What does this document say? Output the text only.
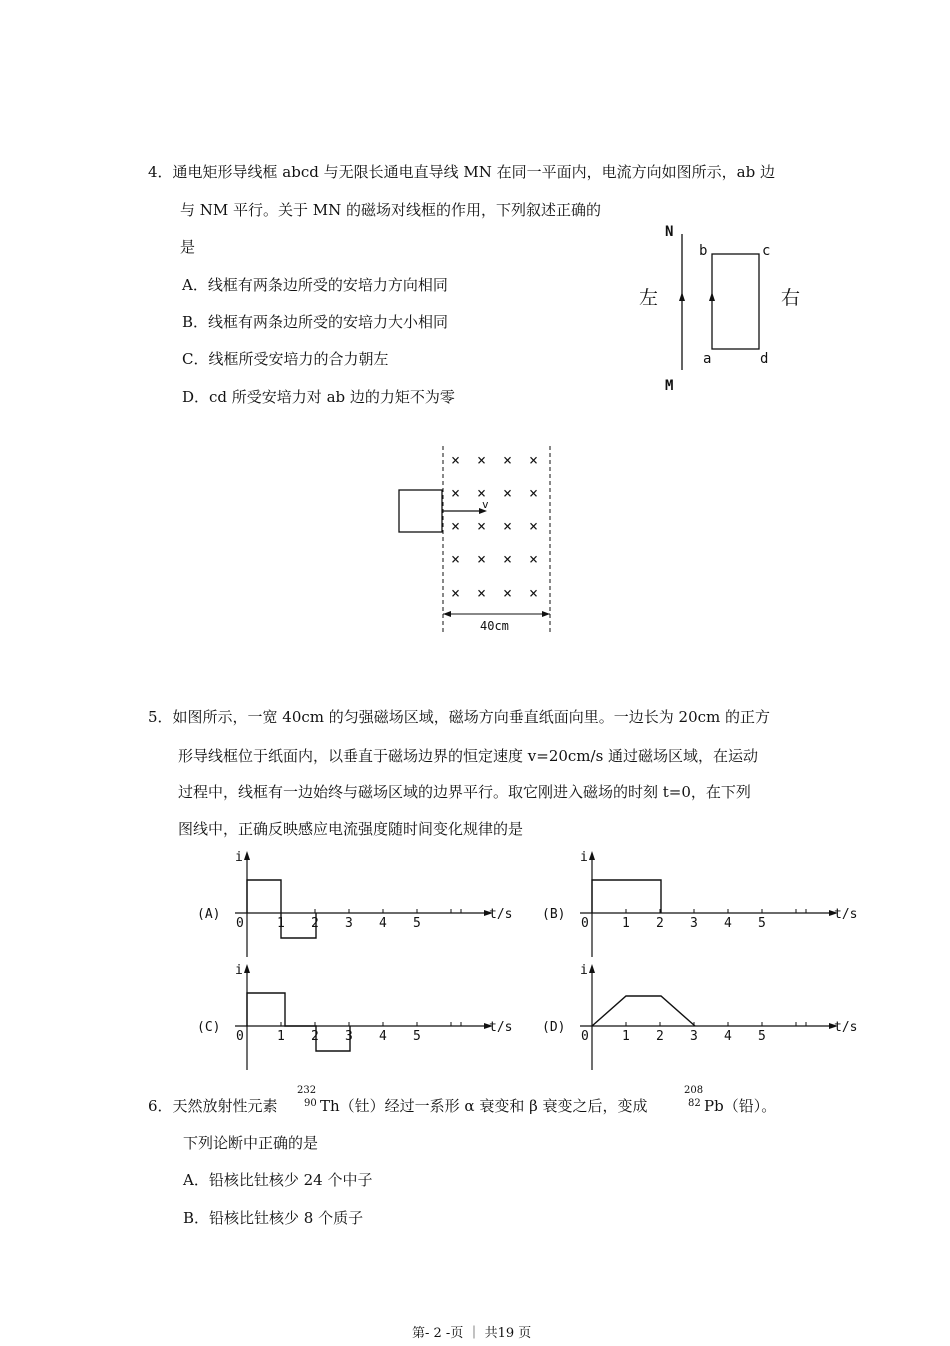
4．通电矩形导线框 abcd 与无限长通电直导线 MN 在同一平面内，电流方向如图所示，ab 边
与 NM 平行。关于 MN 的磁场对线框的作用，下列叙述正确的
是
A．线框有两条边所受的安培力方向相同
B．线框有两条边所受的安培力大小相同
C．线框所受安培力的合力朝左
D．cd 所受安培力对 ab 边的力矩不为零
N
M
左	右
b	c
a	d
v
× × × ×
× × × ×
× × × ×
× × × ×
× × × ×
40cm
5．如图所示，一宽 40cm 的匀强磁场区域，磁场方向垂直纸面向里。一边长为 20cm 的正方
形导线框位于纸面内，以垂直于磁场边界的恒定速度 v=20cm/s 通过磁场区域，在运动
过程中，线框有一边始终与磁场区域的边界平行。取它刚进入磁场的时刻 t=0，在下列
图线中，正确反映感应电流强度随时间变化规律的是
i
t/s
0	1 2 3 4 5
(A)
i
t/s
0	1 2 3 4 5
(B)
i
t/s
0	1 2 3 4 5
(C)
i
t/s
0	1 2 3 4 5
(D)
6．天然放射性元素
232
90 Th（钍）经过一系形 α 衰变和 β 衰变之后，变成
208
82 Pb（铅）。
下列论断中正确的是
A．铅核比钍核少 24 个中子
B．铅核比钍核少 8 个质子
第- 2 -页 ｜ 共19 页
